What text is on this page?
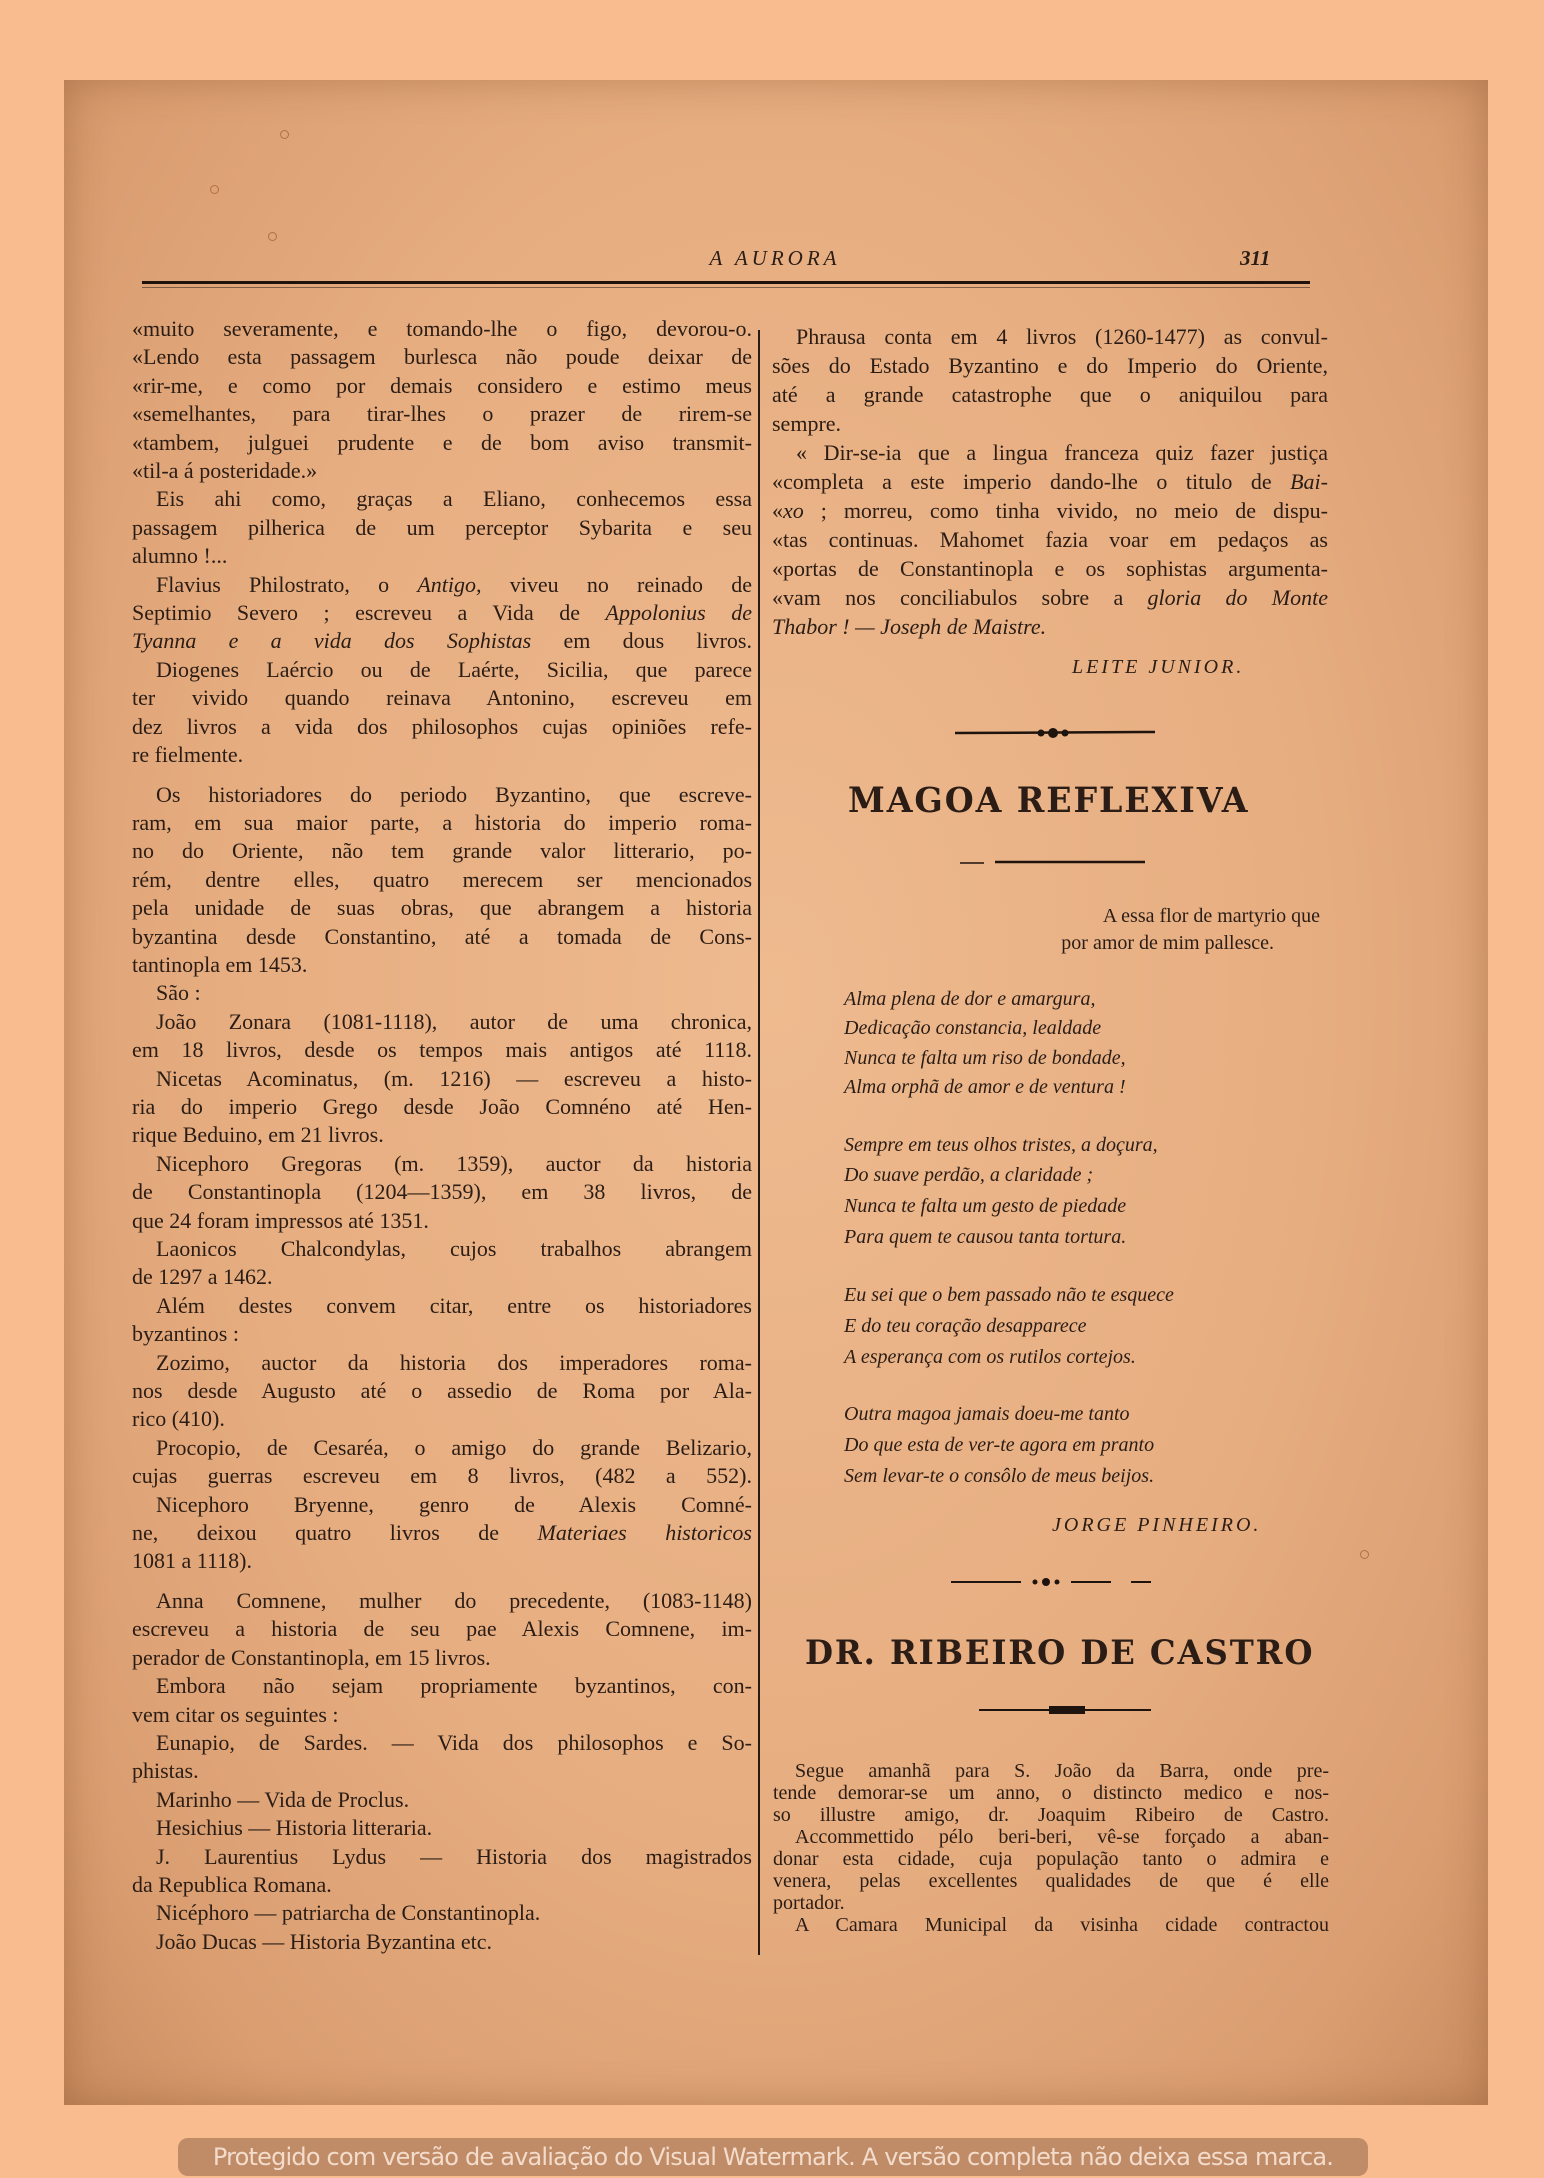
A AURORA	311
«muito severamente, e tomando-lhe o figo, devorou-o.
«Lendo esta passagem burlesca não poude deixar de
«rir-me, e como por demais considero e estimo meus
«semelhantes, para tirar-lhes o prazer de rirem-se
«tambem, julguei prudente e de bom aviso transmit-
«til-a á posteridade.»
Eis ahi como, graças a Eliano, conhecemos essa
passagem pilherica de um perceptor Sybarita e seu
alumno !...
Flavius Philostrato, o Antigo, viveu no reinado de
Septimio Severo ; escreveu a Vida de Appolonius de
Tyanna e a vida dos Sophistas em dous livros.
Diogenes Laércio ou de Laérte, Sicilia, que parece
ter vivido quando reinava Antonino, escreveu em
dez livros a vida dos philosophos cujas opiniões refe-
re fielmente.
Os historiadores do periodo Byzantino, que escreve-
ram, em sua maior parte, a historia do imperio roma-
no do Oriente, não tem grande valor litterario, po-
rém, dentre elles, quatro merecem ser mencionados
pela unidade de suas obras, que abrangem a historia
byzantina desde Constantino, até a tomada de Cons-
tantinopla em 1453.
São :
João Zonara (1081-1118), autor de uma chronica,
em 18 livros, desde os tempos mais antigos até 1118.
Nicetas Acominatus, (m. 1216) — escreveu a histo-
ria do imperio Grego desde João Comnéno até Hen-
rique Beduino, em 21 livros.
Nicephoro Gregoras (m. 1359), auctor da historia
de Constantinopla (1204—1359), em 38 livros, de
que 24 foram impressos até 1351.
Laonicos Chalcondylas, cujos trabalhos abrangem
de 1297 a 1462.
Além destes convem citar, entre os historiadores
byzantinos :
Zozimo, auctor da historia dos imperadores roma-
nos desde Augusto até o assedio de Roma por Ala-
rico (410).
Procopio, de Cesaréa, o amigo do grande Belizario,
cujas guerras escreveu em 8 livros, (482 a 552).
Nicephoro Bryenne, genro de Alexis Comné-
ne, deixou quatro livros de Materiaes historicos
1081 a 1118).
Anna Comnene, mulher do precedente, (1083-1148)
escreveu a historia de seu pae Alexis Comnene, im-
perador de Constantinopla, em 15 livros.
Embora não sejam propriamente byzantinos, con-
vem citar os seguintes :
Eunapio, de Sardes. — Vida dos philosophos e So-
phistas.
Marinho — Vida de Proclus.
Hesichius — Historia litteraria.
J. Laurentius Lydus — Historia dos magistrados
da Republica Romana.
Nicéphoro — patriarcha de Constantinopla.
João Ducas — Historia Byzantina etc.
Phrausa conta em 4 livros (1260-1477) as convul-
sões do Estado Byzantino e do Imperio do Oriente,
até a grande catastrophe que o aniquilou para
sempre.
« Dir-se-ia que a lingua franceza quiz fazer justiça
«completa a este imperio dando-lhe o titulo de Bai-
«xo ; morreu, como tinha vivido, no meio de dispu-
«tas continuas. Mahomet fazia voar em pedaços as
«portas de Constantinopla e os sophistas argumenta-
«vam nos conciliabulos sobre a gloria do Monte
Thabor ! — Joseph de Maistre.
LEITE JUNIOR.
MAGOA REFLEXIVA
A essa flor de martyrio que
por amor de mim pallesce.
Alma plena de dor e amargura,
Dedicação constancia, lealdade
Nunca te falta um riso de bondade,
Alma orphã de amor e de ventura !
Sempre em teus olhos tristes, a doçura,
Do suave perdão, a claridade ;
Nunca te falta um gesto de piedade
Para quem te causou tanta tortura.
Eu sei que o bem passado não te esquece
E do teu coração desapparece
A esperança com os rutilos cortejos.
Outra magoa jamais doeu-me tanto
Do que esta de ver-te agora em pranto
Sem levar-te o consôlo de meus beijos.
JORGE PINHEIRO.
DR. RIBEIRO DE CASTRO
Segue amanhã para S. João da Barra, onde pre-
tende demorar-se um anno, o distincto medico e nos-
so illustre amigo, dr. Joaquim Ribeiro de Castro.
Accommettido pélo beri-beri, vê-se forçado a aban-
donar esta cidade, cuja população tanto o admira e
venera, pelas excellentes qualidades de que é elle
portador.
A Camara Municipal da visinha cidade contractou
Protegido com versão de avaliação do Visual Watermark. A versão completa não deixa essa marca.
